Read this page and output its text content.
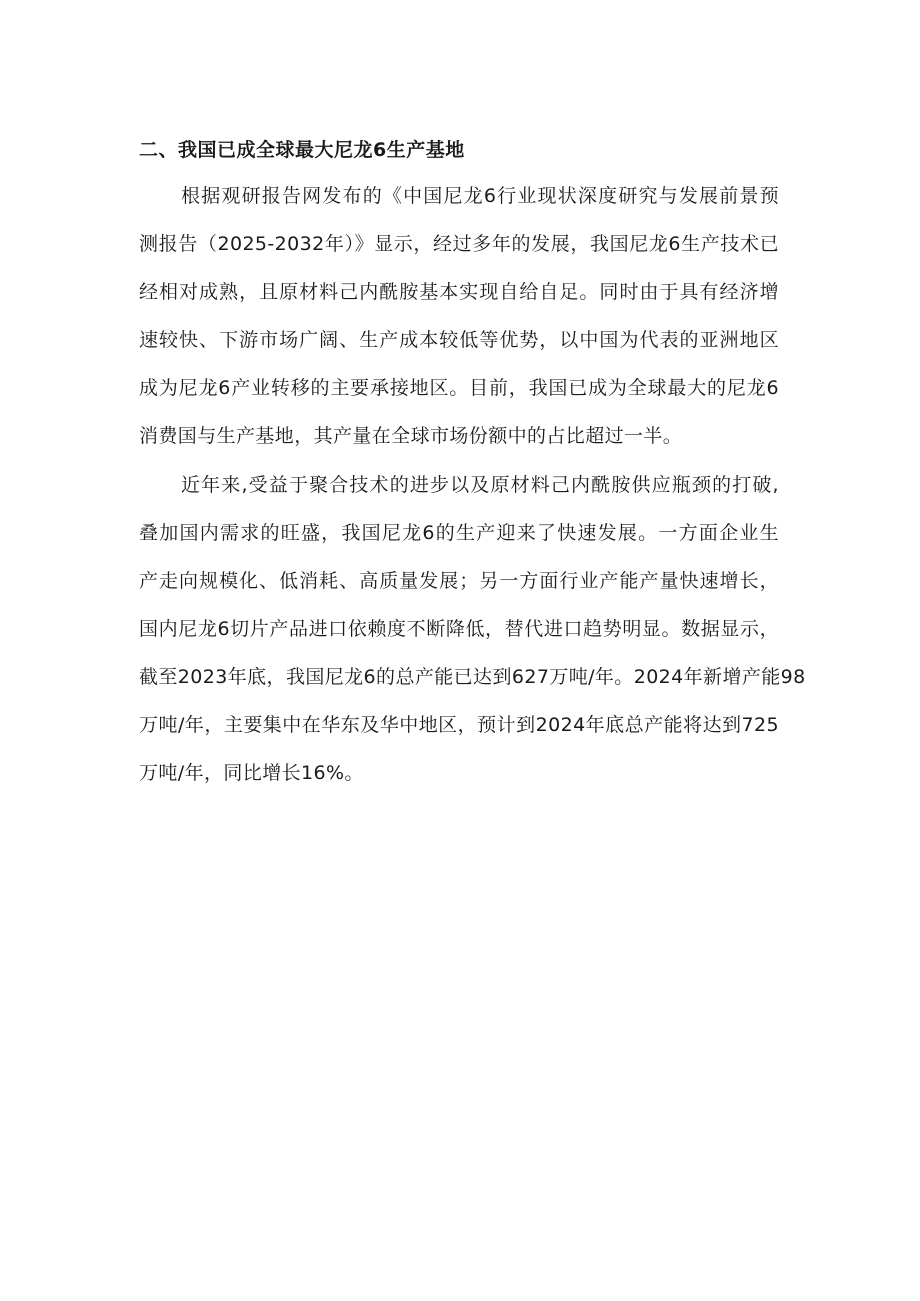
二、我国已成全球最大尼龙6生产基地
根据观研报告网发布的《中国尼龙6行业现状深度研究与发展前景预
测报告（2025-2032年）》显示，经过多年的发展，我国尼龙6生产技术已
经相对成熟，且原材料己内酰胺基本实现自给自足。同时由于具有经济增
速较快、下游市场广阔、生产成本较低等优势，以中国为代表的亚洲地区
成为尼龙6产业转移的主要承接地区。目前，我国已成为全球最大的尼龙6
消费国与生产基地，其产量在全球市场份额中的占比超过一半。
近年来,受益于聚合技术的进步以及原材料己内酰胺供应瓶颈的打破,
叠加国内需求的旺盛，我国尼龙6的生产迎来了快速发展。一方面企业生
产走向规模化、低消耗、高质量发展；另一方面行业产能产量快速增长，
国内尼龙6切片产品进口依赖度不断降低，替代进口趋势明显。数据显示，
截至2023年底，我国尼龙6的总产能已达到627万吨/年。2024年新增产能98
万吨/年，主要集中在华东及华中地区，预计到2024年底总产能将达到725
万吨/年，同比增长16%。
